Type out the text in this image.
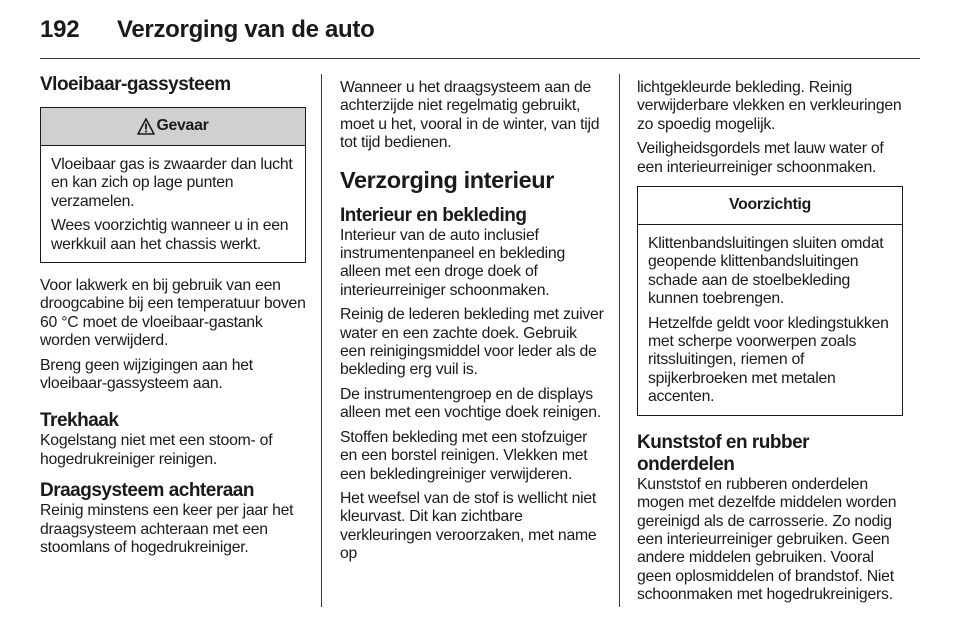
192 Verzorging van de auto
Vloeibaar-gassysteem
Gevaar

Vloeibaar gas is zwaarder dan lucht en kan zich op lage punten verzamelen.

Wees voorzichtig wanneer u in een werkkuil aan het chassis werkt.

Voor lakwerk en bij gebruik van een droogcabine bij een temperatuur boven 60 °C moet de vloeibaar-gastank worden verwijderd.

Breng geen wijzigingen aan het vloeibaar-gassysteem aan.

Trekhaak

Kogelstang niet met een stoom- of hogedrukreiniger reinigen.

Draagsysteem achteraan

Reinig minstens een keer per jaar het draagsysteem achteraan met een stoomlans of hogedrukreiniger.

Wanneer u het draagsysteem aan de achterzijde niet regelmatig gebruikt, moet u het, vooral in de winter, van tijd tot tijd bedienen.

Verzorging interieur
Interieur en bekleding

Interieur van de auto inclusief instrumentenpaneel en bekleding alleen met een droge doek of interieurreiniger schoonmaken.

Reinig de lederen bekleding met zuiver water en een zachte doek. Gebruik een reinigingsmiddel voor leder als de bekleding erg vuil is.

De instrumentengroep en de displays alleen met een vochtige doek reinigen.

Stoffen bekleding met een stofzuiger en een borstel reinigen. Vlekken met een bekledingreiniger verwijderen.

Het weefsel van de stof is wellicht niet kleurvast. Dit kan zichtbare verkleuringen veroorzaken, met name op

lichtgekleurde bekleding. Reinig verwijderbare vlekken en verkleuringen zo spoedig mogelijk.

Veiligheidsgordels met lauw water of een interieurreiniger schoonmaken.

Voorzichtig

Klittenbandsluitingen sluiten omdat geopende klittenbandsluitingen schade aan de stoelbekleding kunnen toebrengen.

Hetzelfde geldt voor kledingstukken met scherpe voorwerpen zoals ritssluitingen, riemen of spijkerbroeken met metalen accenten.

Kunststof en rubber onderdelen

Kunststof en rubberen onderdelen mogen met dezelfde middelen worden gereinigd als de carrosserie. Zo nodig een interieurreiniger gebruiken. Geen andere middelen gebruiken. Vooral geen oplosmiddelen of brandstof. Niet schoonmaken met hogedrukreinigers.
